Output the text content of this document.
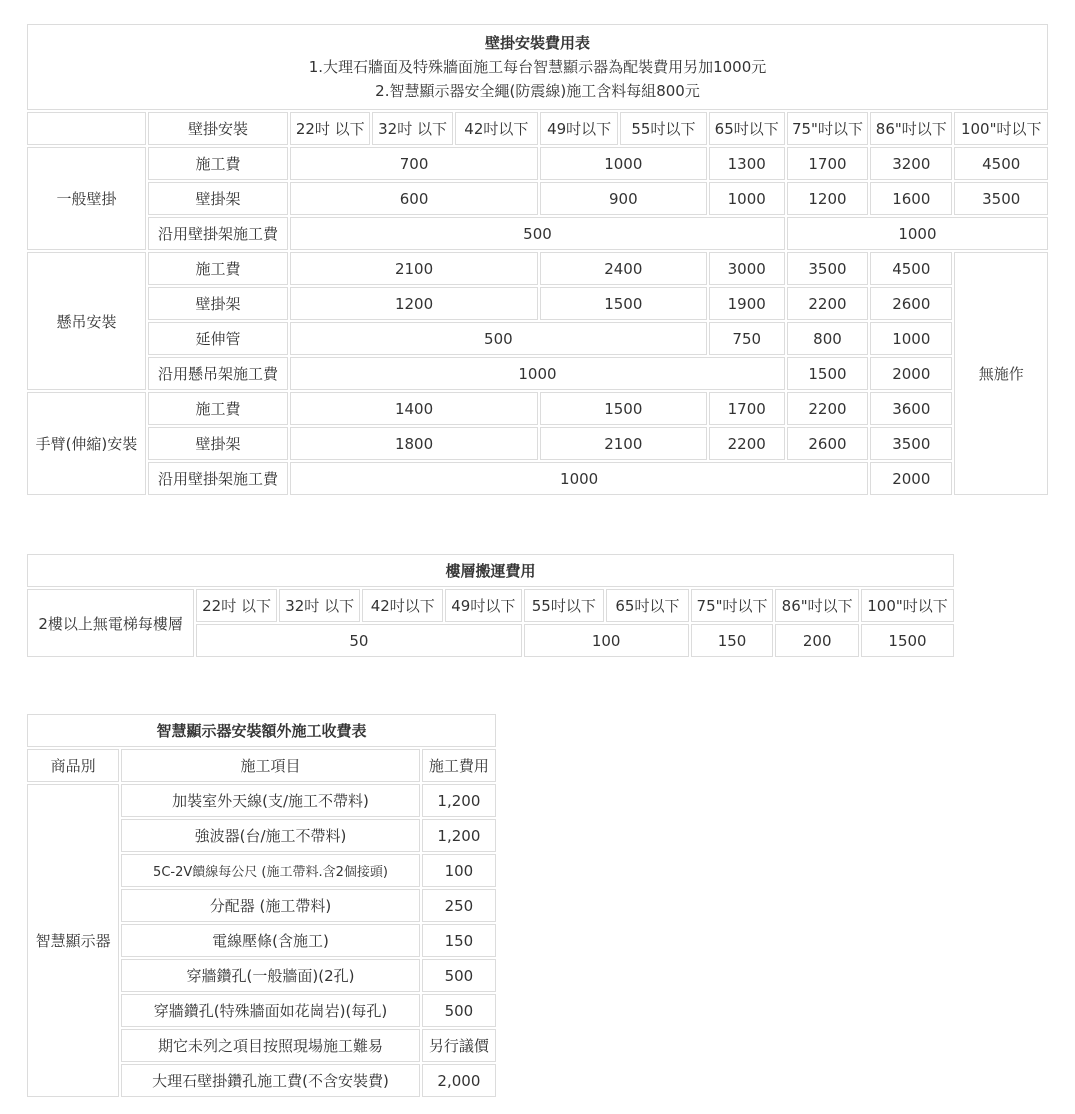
壁掛安裝費用表
1.大理石牆面及特殊牆面施工每台智慧顯示器為配裝費用另加1000元
2.智慧顯示器安全繩(防震線)施工含料每組800元										

	壁掛安裝	22吋 以下	32吋 以下	42吋以下	49吋以下	55吋以下	65吋以下	75"吋以下	86"吋以下	100"吋以下
一般壁掛	施工費	700			1000		1300	1700	3200	4500
	壁掛架	600			900		1000	1200	1600	3500
	沿用壁掛架施工費	500						1000		
懸吊安裝	施工費	2100			2400		3000	3500	4500	無施作
	壁掛架	1200			1500		1900	2200	2600	
	延伸管	500					750	800	1000	
	沿用懸吊架施工費	1000						1500	2000	
手臂(伸縮)安裝	施工費	1400			1500		1700	2200	3600	
	壁掛架	1800			2100		2200	2600	3500	
	沿用壁掛架施工費	1000							2000	
樓層搬運費用									
2樓以上無電梯每樓層	22吋 以下	32吋 以下	42吋以下	49吋以下	55吋以下	65吋以下	75"吋以下	86"吋以下	100"吋以下
	50				100		150	200	1500
智慧顯示器安裝額外施工收費表		
商品別	施工項目	施工費用
智慧顯示器	加裝室外天線(支/施工不帶料)	1,200
	強波器(台/施工不帶料)	1,200
	5C-2V饋線每公尺 (施工帶料.含2個接頭)	100
	分配器 (施工帶料)	250
	電線壓條(含施工)	150
	穿牆鑽孔(一般牆面)(2孔)	500
	穿牆鑽孔(特殊牆面如花崗岩)(每孔)	500
	期它未列之項目按照現場施工難易	另行議價
	大理石壁掛鑽孔施工費(不含安裝費)	2,000
